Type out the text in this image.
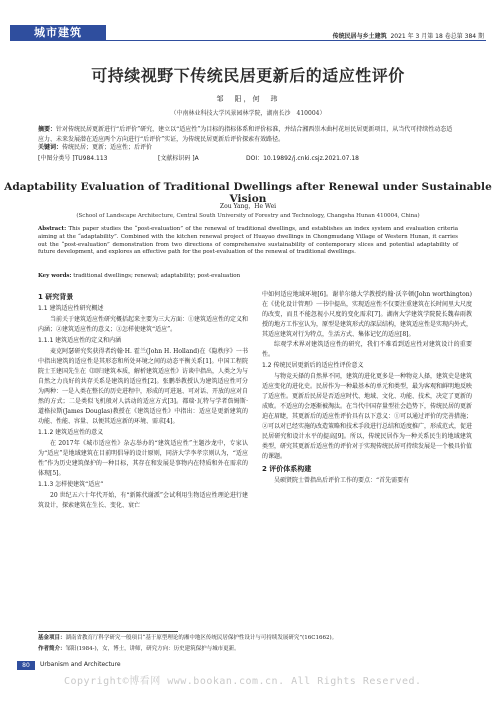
城市建筑	传统民居与乡土建筑 2021 年 3 月第 18 卷总第 384 期
可持续视野下传统民居更新后的适应性评价
邹　阳，何　玮
（中南林业科技大学风景园林学院，湖南长沙　410004）
摘要：针对传统民居更新进行“后评价”研究，建立以“适应性”为目标的指标体系和评价标准，并结合湘西崇木曲村花垣民居更新项目，从当代可持续性动态适应力、未来发展潜在适应两个方向进行“后评价”实证，为传统民居更新后评价探索有效路径。
关键词：传统民居；更新；适应性；后评价
[中图分类号 ]TU984.113	[文献标识码 ]A	DOI：10.19892/j.cnki.csjz.2021.07.18
Adaptability Evaluation of Traditional Dwellings after Renewal under Sustainable Vision
Zou Yang，He Wei
(School of Landscape Architecture, Central South University of Forestry and Technology, Changsha Hunan 410004, China)
Abstract: This paper studies the “post-evaluation” of the renewal of traditional dwellings, and establishes an index system and evaluation criteria aiming at the “adaptability”. Combined with the kitchen renewal project of Huayao dwellings in Chongmudang Village of Western Hunan, it carries out the “post-evaluation” demonstration from two directions of comprehensive sustainability of contemporary slices and potential adaptability of future development, and explores an effective path for the post-evaluation of the renewal of traditional dwellings.
Key words: traditional dwellings; renewal; adaptability; post-evaluation
1 研究背景
1.1 建筑适应性研究概述

当前关于建筑适应性研究概括起来主要为三大方面：①建筑适应性的定义和内涵；②建筑适应性的意义；③怎样使建筑“适应”。

1.1.1 建筑适应性的定义和内涵

麦克阿瑟研究奖获得者约翰·H. 霍兰(John H. Holland)在《隐秩序》一书中指出建筑的适应性是其形态和所处环境之间的动态平衡关系[1]。中国工程院院士王建国先生在《回归建筑本质，解析建筑适应性》访谈中指出，人类之为与自然之力良好的共存关系是建筑的适应性[2]。张鹏举教授认为建筑适应性可分为两种：一是入类在整长的历史进程中，形成的可进退、可对话、开放的应对自然的方式；二是类似飞机般对人活动的适应方式[3]。都瑞·瓦特与学者詹姆斯·道格拉斯(James Douglas)教授在《建筑适应性》中指出：适应是更新建筑的功能、性能、容量、以便其适应新的环境、需求[4]。

1.1.2 建筑适应性的意义

在 2017年《城市适应性》杂志举办的“建筑适应性”主题沙龙中，专家认为“适应”是地域建筑在目前明倡导的设计原则，同济大学李孝宗则认为，“适应性”作为历史建筑保护的一种目标，其存在和发展是事物内在特质和外在需求的体现[5]。

1.1.3 怎样使建筑“适应”

20 世纪五六十年代开始，有“新陈代谢派”会试利用生物适应性理论进行建筑设计，探索建筑在生长、变化、衰亡

中如何适应地域环境[6]。谢菲尔德大学教授约翰·沃辛顿(John worthington)在《优化设计管理》一书中提出，实现适应性不仅要注重建筑在长时间里大尺度的改变，而且不能忽视小尺度的变化需求[7]。湖南大学建筑学院院长魏春雨教授的地方工作室认为，原型是建筑形式的深层结构，建筑适应性是实现内外式，其适应建筑对行为特点，生活方式、集体记忆的适应[8]。

综观学术界对建筑适应性的研究，我们不难看到适应性对建筑设计的重要性。

1.2 传统民居更新后的适应性评价意义

与物竞天择的自然界不同，建筑的进化更多是一种物竞人择，建筑史是建筑适应变化的进化史。民居作为一种最基本的单元和类型，最为客观和鲜明地反映了适应性。更新后民居是否适应时代、地域、文化、功能、技术，决定了更新的成败。不适应的会逐渐被淘汰。在当代中国存量型社会趋势下，传统民居的更新迫在眉睫，其更新后的适应性评价具有以下意义：①可以通过评价的完善措施；②可以对已经实施的改造策略和技术手段进行总结和适度推广，形成范式，促进民居研究和设计水平的提高[9]。所以，传统民居作为一种关系民生的地域建筑类型，研究其更新后适应性的评价对于实现传统民居可持续发展是一个极具价值的课题。

2 评价体系构建

吴硕贤院士曾指出后评价工作的要点：“首先需要有

基金项目：湖南省教育厅科学研究一般项目“基于原型理论的湘中地区传统民居保护性设计与可持续发展研究”(16C1662)。
作者简介：邹阳(1984-)，女，博士，讲师，研究方向：历史建筑保护与城市更新。
80	Urbanism and Architecture
Copyright©博看网 www.bookan.com.cn. All Rights Reserved.
